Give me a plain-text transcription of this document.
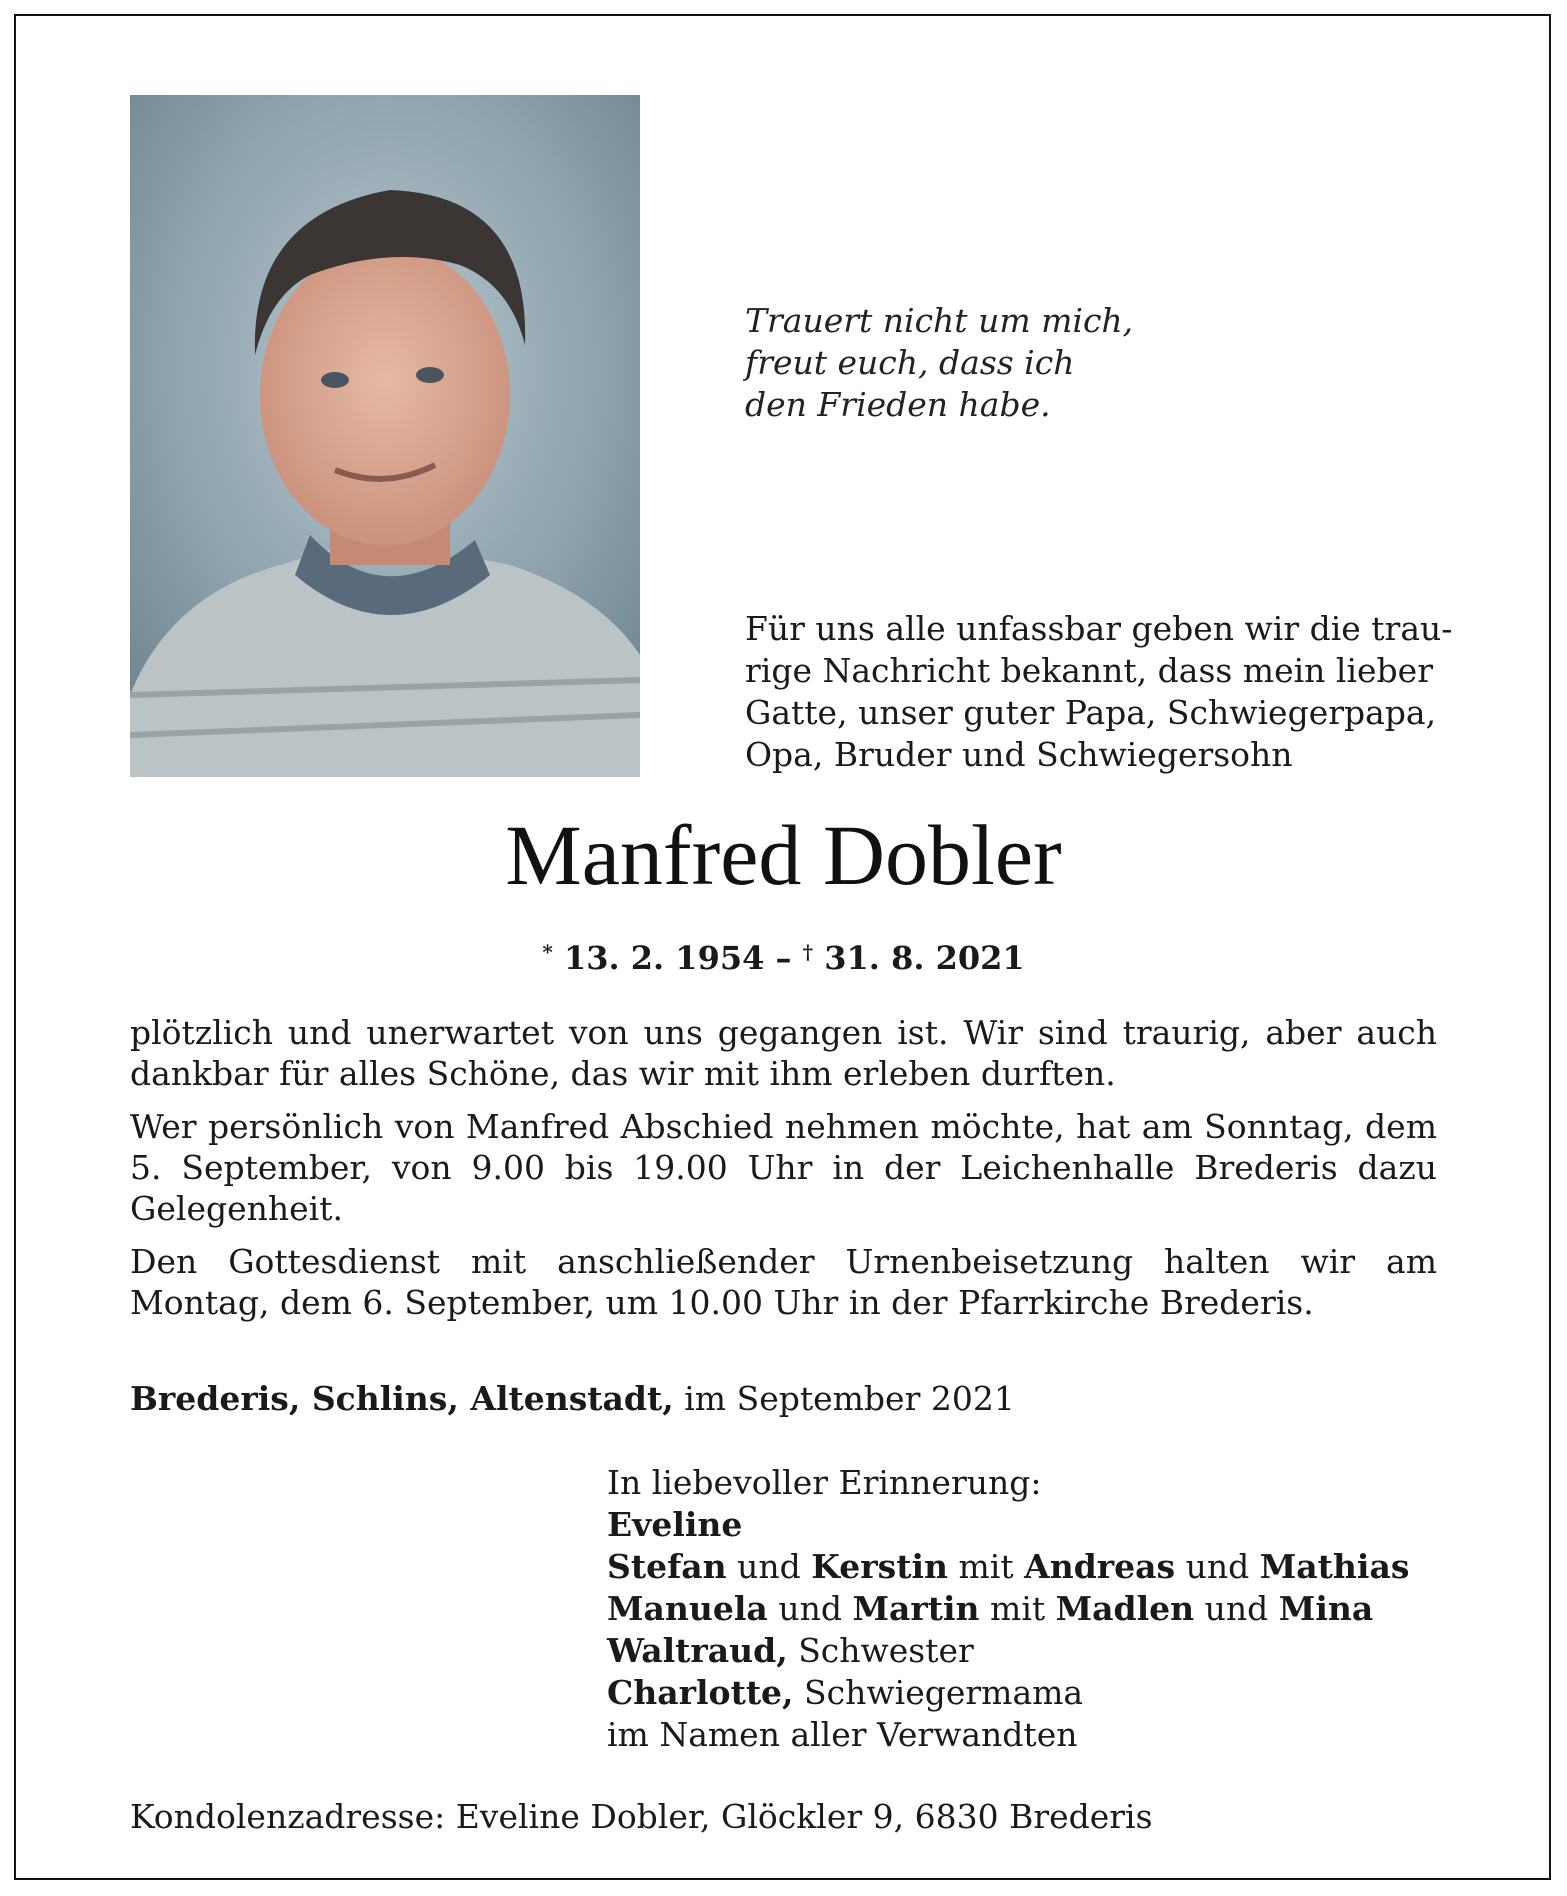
Trauert nicht um mich,
freut euch, dass ich
den Frieden habe.
Für uns alle unfassbar geben wir die trau-
rige Nachricht bekannt, dass mein lieber
Gatte, unser guter Papa, Schwiegerpapa,
Opa, Bruder und Schwiegersohn
Manfred Dobler
* 13. 2. 1954 – † 31. 8. 2021

plötzlich und unerwartet von uns gegangen ist. Wir sind traurig, aber auch dankbar für alles Schöne, das wir mit ihm erleben durften.

Wer persönlich von Manfred Abschied nehmen möchte, hat am Sonntag, dem 5. September, von 9.00 bis 19.00 Uhr in der Leichenhalle Brederis dazu Gelegenheit.

Den Gottesdienst mit anschließender Urnenbeisetzung halten wir am Montag, dem 6. September, um 10.00 Uhr in der Pfarrkirche Brederis.

Brederis, Schlins, Altenstadt, im September 2021
In liebevoller Erinnerung:
Eveline
Stefan und Kerstin mit Andreas und Mathias
Manuela und Martin mit Madlen und Mina
Waltraud, Schwester
Charlotte, Schwiegermama
im Namen aller Verwandten
Kondolenzadresse: Eveline Dobler, Glöckler 9, 6830 Brederis
